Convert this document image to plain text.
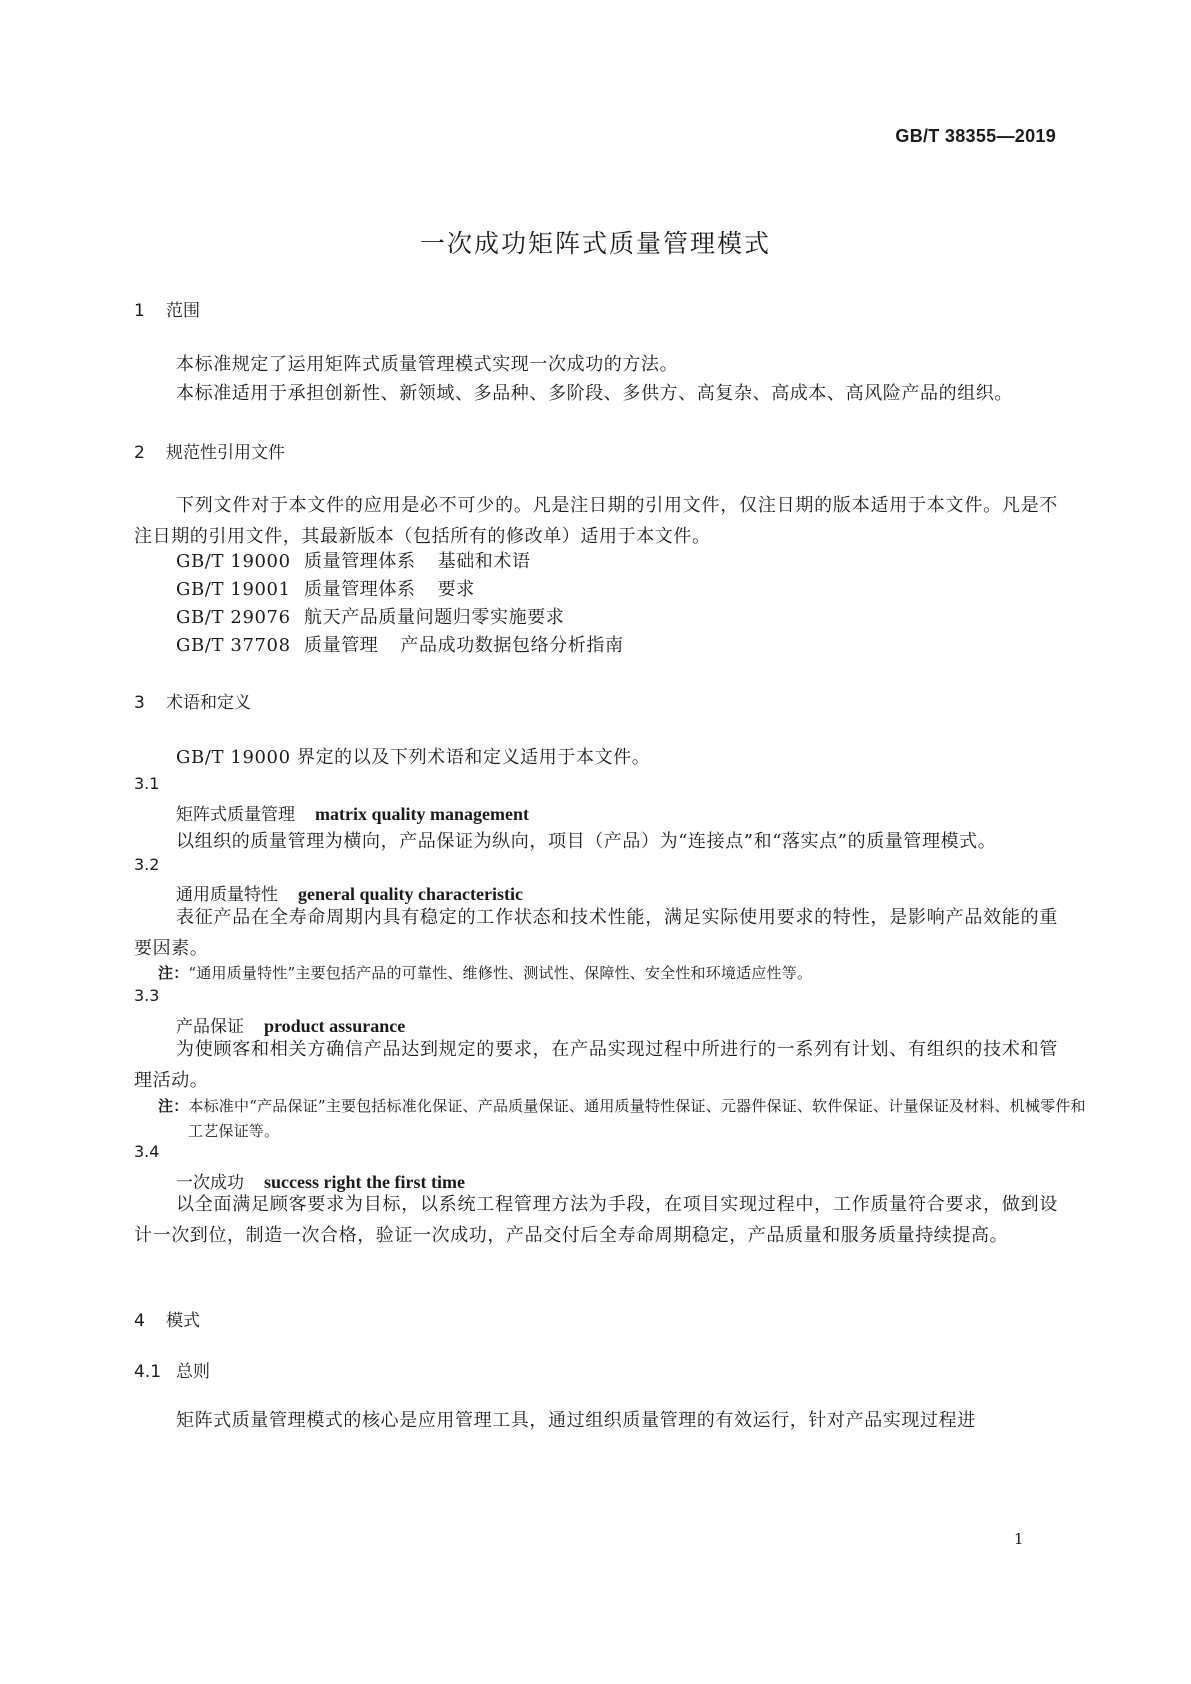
GB/T 38355—2019
一次成功矩阵式质量管理模式
1 范围
本标准规定了运用矩阵式质量管理模式实现一次成功的方法。
本标准适用于承担创新性、新领域、多品种、多阶段、多供方、高复杂、高成本、高风险产品的组织。
2 规范性引用文件
下列文件对于本文件的应用是必不可少的。凡是注日期的引用文件，仅注日期的版本适用于本文件。凡是不注日期的引用文件，其最新版本（包括所有的修改单）适用于本文件。
GB/T 19000 质量管理体系 基础和术语
GB/T 19001 质量管理体系 要求
GB/T 29076 航天产品质量问题归零实施要求
GB/T 37708 质量管理 产品成功数据包络分析指南
3 术语和定义
GB/T 19000 界定的以及下列术语和定义适用于本文件。
3.1
矩阵式质量管理 matrix quality management
以组织的质量管理为横向，产品保证为纵向，项目（产品）为“连接点”和“落实点”的质量管理模式。
3.2
通用质量特性 general quality characteristic
表征产品在全寿命周期内具有稳定的工作状态和技术性能，满足实际使用要求的特性，是影响产品效能的重要因素。
注：“通用质量特性”主要包括产品的可靠性、维修性、测试性、保障性、安全性和环境适应性等。
3.3
产品保证 product assurance
为使顾客和相关方确信产品达到规定的要求，在产品实现过程中所进行的一系列有计划、有组织的技术和管理活动。
注：本标准中“产品保证”主要包括标准化保证、产品质量保证、通用质量特性保证、元器件保证、软件保证、计量保证及材料、机械零件和工艺保证等。
3.4
一次成功 success right the first time
以全面满足顾客要求为目标，以系统工程管理方法为手段，在项目实现过程中，工作质量符合要求，做到设计一次到位，制造一次合格，验证一次成功，产品交付后全寿命周期稳定，产品质量和服务质量持续提高。
4 模式
4.1 总则
矩阵式质量管理模式的核心是应用管理工具，通过组织质量管理的有效运行，针对产品实现过程进
1
